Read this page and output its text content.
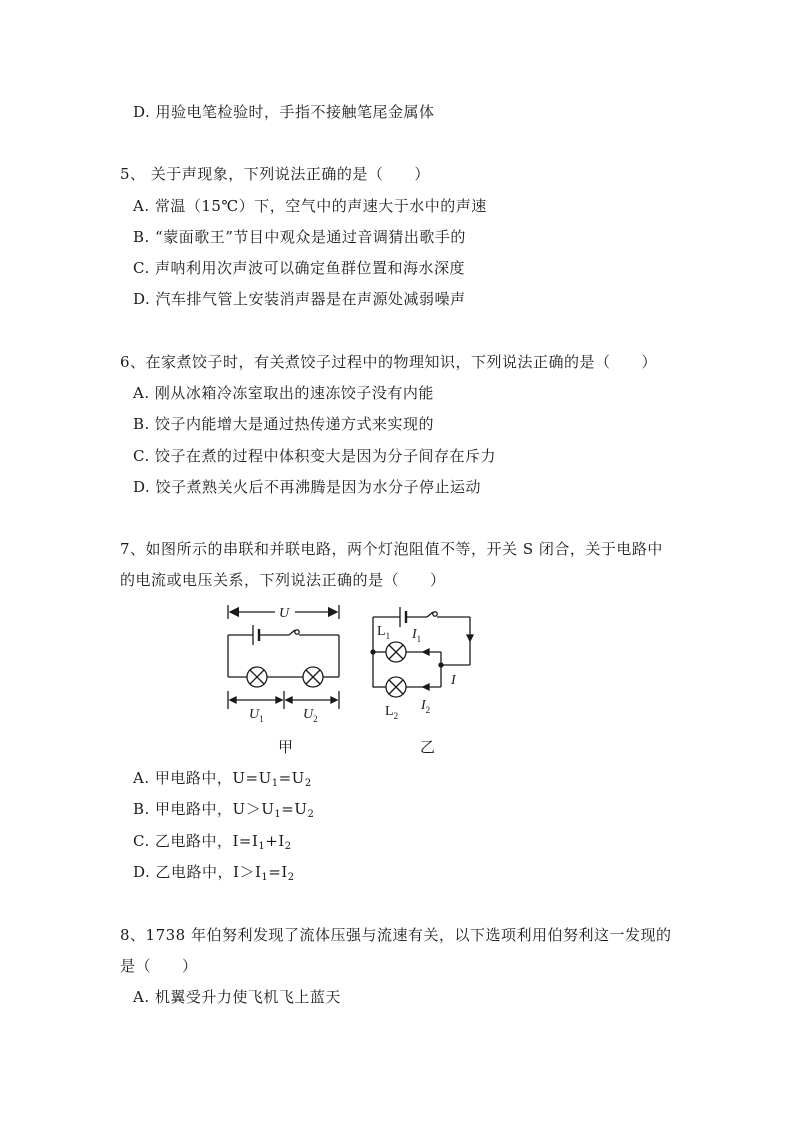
D. 用验电笔检验时，手指不接触笔尾金属体
5、 关于声现象，下列说法正确的是（　　）
A. 常温（15℃）下，空气中的声速大于水中的声速
B. “蒙面歌王”节目中观众是通过音调猜出歌手的
C. 声呐利用次声波可以确定鱼群位置和海水深度
D. 汽车排气管上安装消声器是在声源处减弱噪声
6、在家煮饺子时，有关煮饺子过程中的物理知识，下列说法正确的是（　　）
A. 刚从冰箱冷冻室取出的速冻饺子没有内能
B. 饺子内能增大是通过热传递方式来实现的
C. 饺子在煮的过程中体积变大是因为分子间存在斥力
D. 饺子煮熟关火后不再沸腾是因为水分子停止运动
7、如图所示的串联和并联电路，两个灯泡阻值不等，开关 S 闭合，关于电路中
的电流或电压关系，下列说法正确的是（　　）
U
$U_1$	$U_2$
$L_1$ $I_1$
I
$I_2$
$L_2$
甲	乙
A. 甲电路中，$U=U_1=U_2$
B. 甲电路中，$U>U_1=U_2$
C. 乙电路中，$I=I_1+I_2$
D. 乙电路中，$I>I_1=I_2$
8、1738 年伯努利发现了流体压强与流速有关，以下选项利用伯努利这一发现的
是（　　）
A. 机翼受升力使飞机飞上蓝天
